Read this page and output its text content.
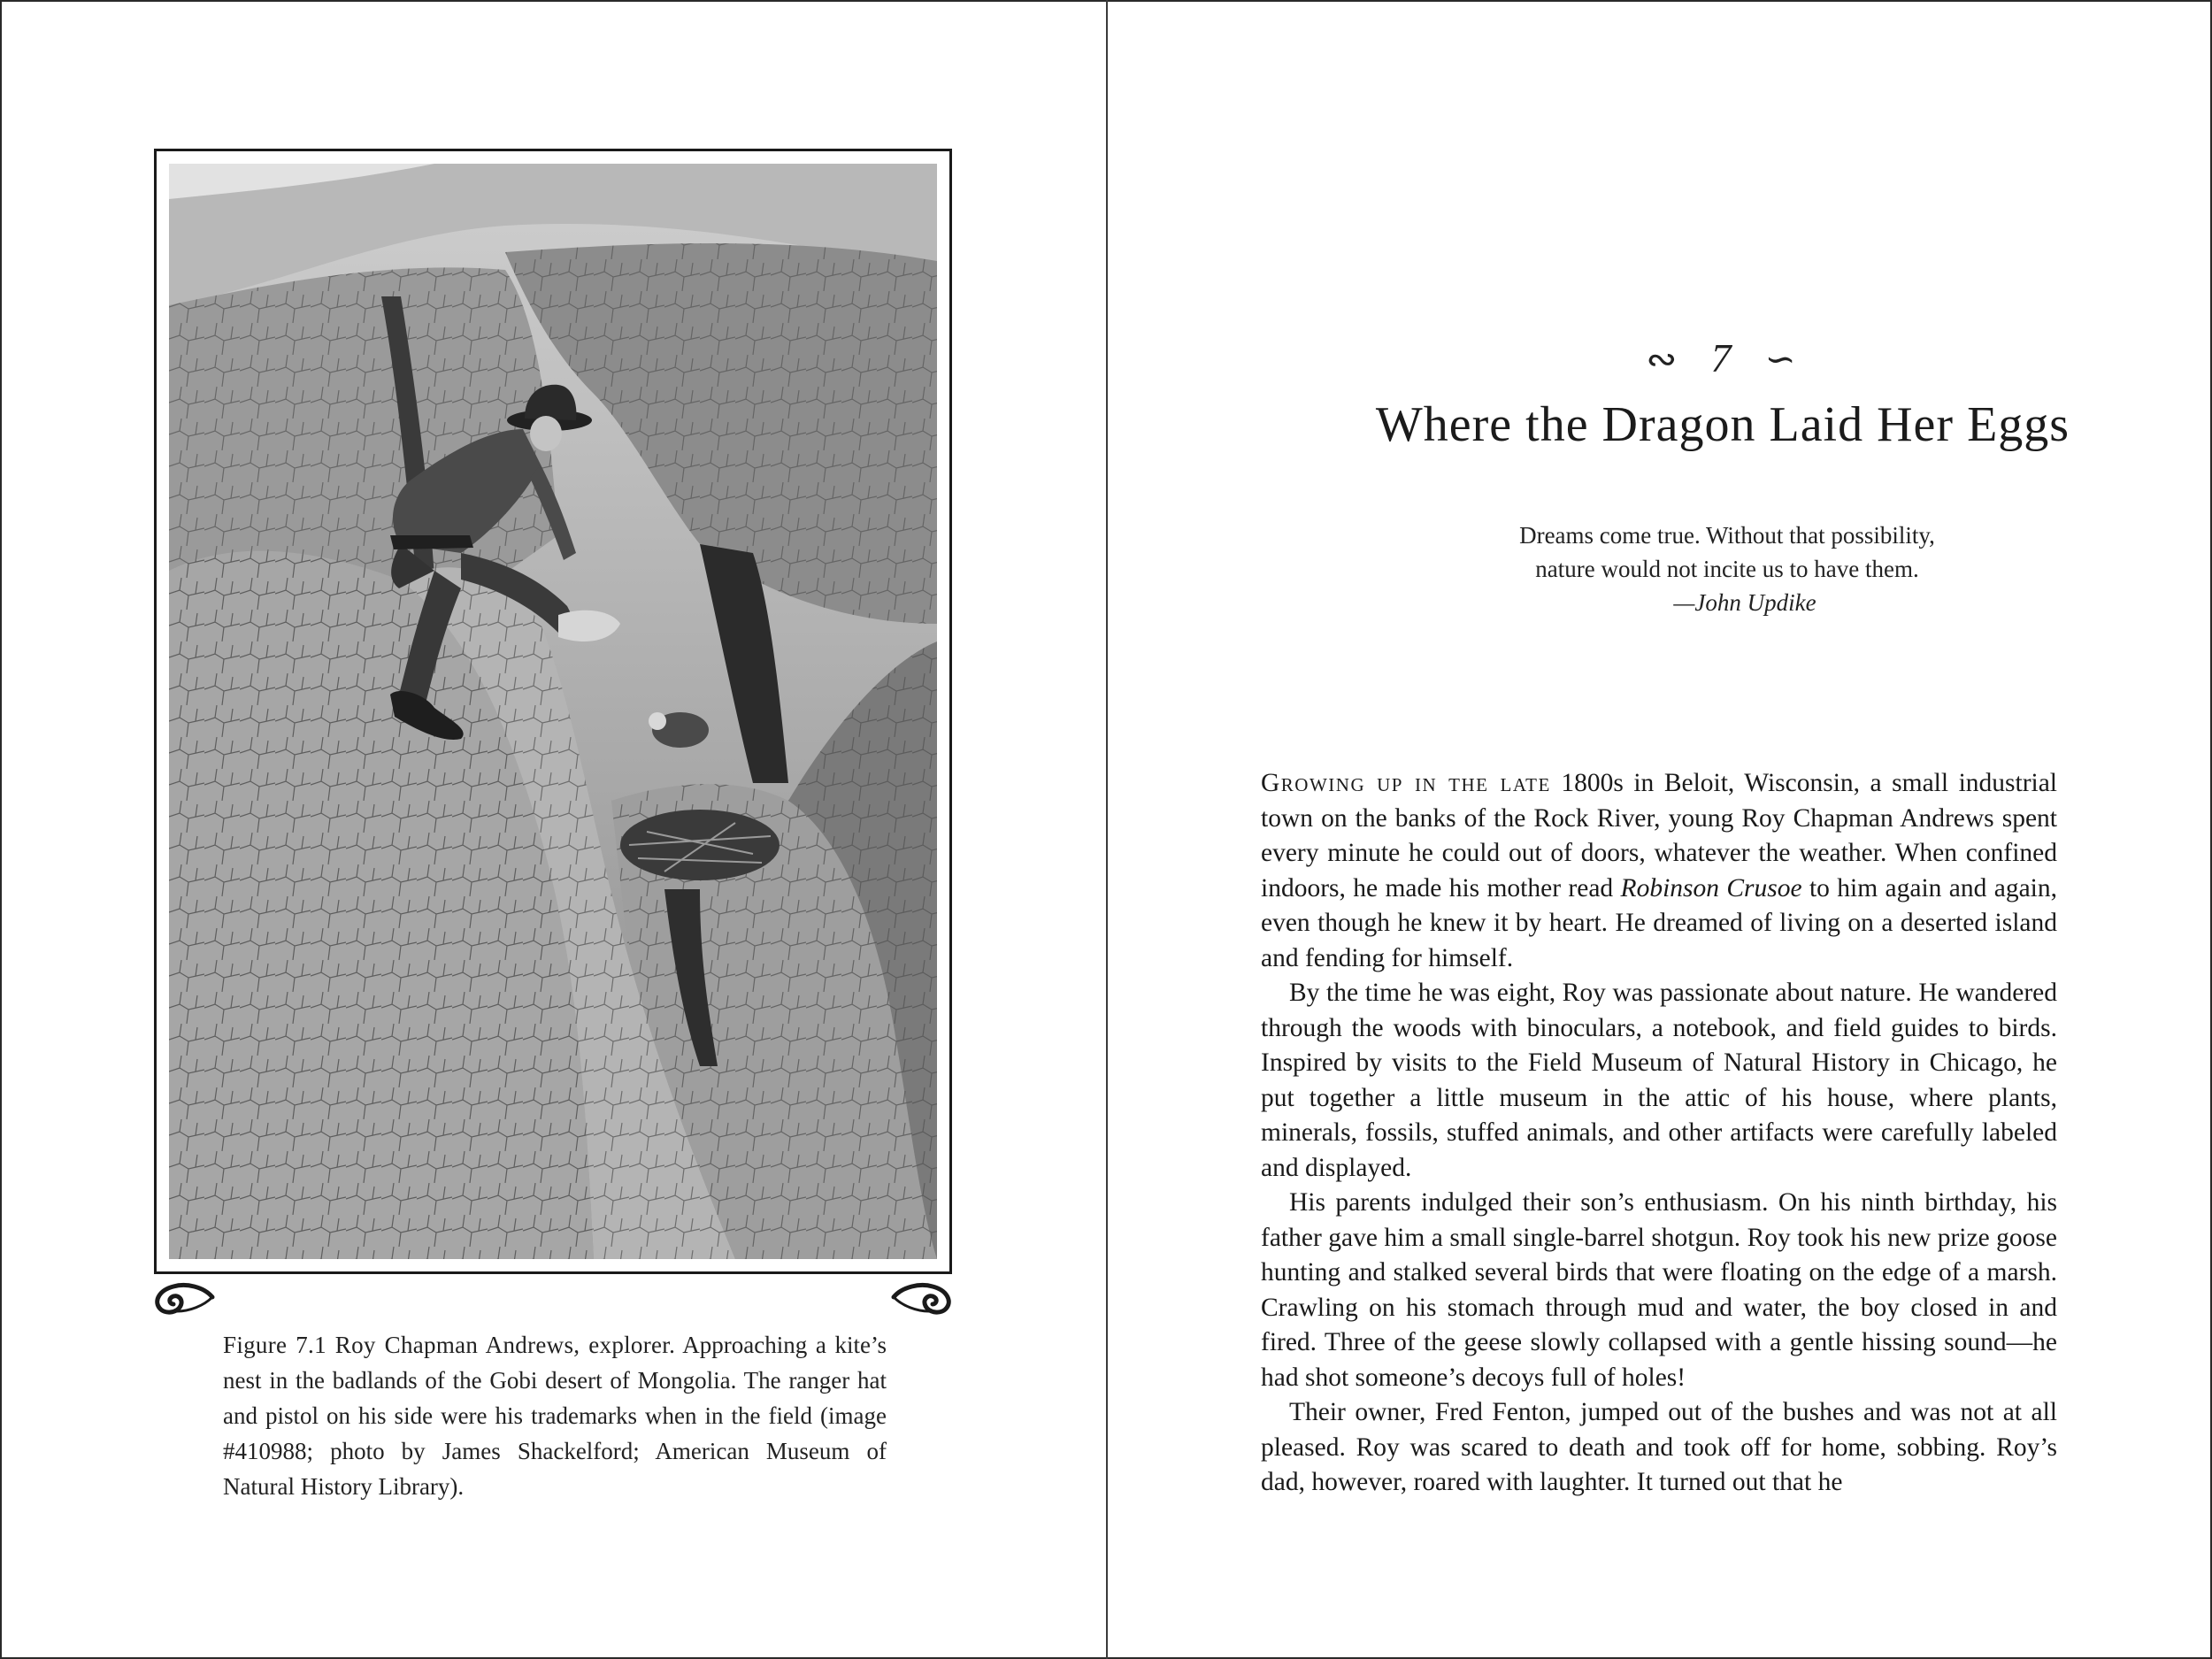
Figure 7.1 Roy Chapman Andrews, explorer. Approaching a kite’s nest in the badlands of the Gobi desert of Mongolia. The ranger hat and pistol on his side were his trademarks when in the field (image #410988; photo by James Shackelford; American Museum of Natural History Library).
∾ 7 ∽
Where the Dragon Laid Her Eggs
Dreams come true. Without that possibility,
nature would not incite us to have them.
—John Updike

Growing up in the late 1800s in Beloit, Wisconsin, a small industrial town on the banks of the Rock River, young Roy Chapman Andrews spent every minute he could out of doors, whatever the weather. When confined indoors, he made his mother read Robinson Crusoe to him again and again, even though he knew it by heart. He dreamed of living on a deserted island and fending for himself.

By the time he was eight, Roy was passionate about nature. He wandered through the woods with binoculars, a notebook, and field guides to birds. Inspired by visits to the Field Museum of Natural History in Chicago, he put together a little museum in the attic of his house, where plants, minerals, fossils, stuffed animals, and other artifacts were carefully labeled and displayed.

His parents indulged their son’s enthusiasm. On his ninth birthday, his father gave him a small single-barrel shotgun. Roy took his new prize goose hunting and stalked several birds that were floating on the edge of a marsh. Crawling on his stomach through mud and water, the boy closed in and fired. Three of the geese slowly collapsed with a gentle hissing sound—he had shot someone’s decoys full of holes!

Their owner, Fred Fenton, jumped out of the bushes and was not at all pleased. Roy was scared to death and took off for home, sobbing. Roy’s dad, however, roared with laughter. It turned out that he
